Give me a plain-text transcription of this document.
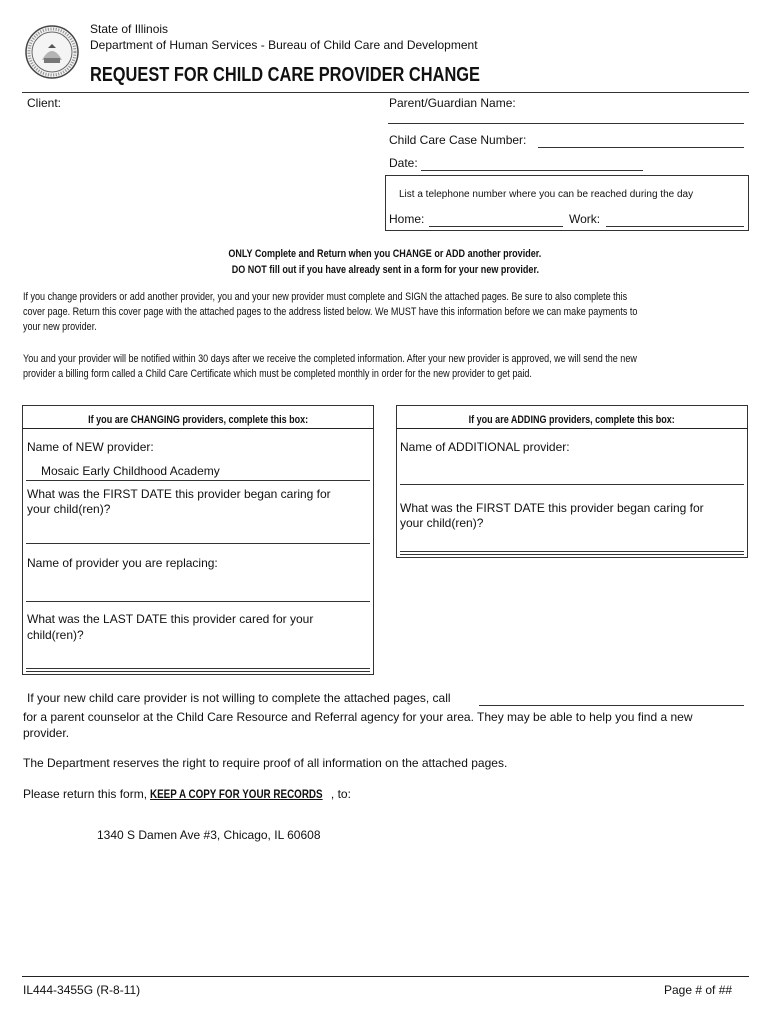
State of Illinois
Department of Human Services - Bureau of Child Care and Development
REQUEST FOR CHILD CARE PROVIDER CHANGE
Client:	Parent/Guardian Name:
Child Care Case Number:
Date:
List a telephone number where you can be reached during the day
Home:	Work:
ONLY Complete and Return when you CHANGE or ADD another provider.
DO NOT fill out if you have already sent in a form for your new provider.
If you change providers or add another provider, you and your new provider must complete and SIGN the attached pages. Be sure to also complete this
cover page. Return this cover page with the attached pages to the address listed below. We MUST have this information before we can make payments to
your new provider.
You and your provider will be notified within 30 days after we receive the completed information. After your new provider is approved, we will send the new
provider a billing form called a Child Care Certificate which must be completed monthly in order for the new provider to get paid.
If you are CHANGING providers, complete this box:
Name of NEW provider:
Mosaic Early Childhood Academy
What was the FIRST DATE this provider began caring for
your child(ren)?
Name of provider you are replacing:
What was the LAST DATE this provider cared for your
child(ren)?
If you are ADDING providers, complete this box:
Name of ADDITIONAL provider:
What was the FIRST DATE this provider began caring for
your child(ren)?
If your new child care provider is not willing to complete the attached pages, call
for a parent counselor at the Child Care Resource and Referral agency for your area. They may be able to help you find a new
provider.
The Department reserves the right to require proof of all information on the attached pages.
Please return this form, KEEP A COPY FOR YOUR RECORDS , to:
1340 S Damen Ave #3, Chicago, IL 60608
IL444-3455G (R-8-11)	Page # of ##
